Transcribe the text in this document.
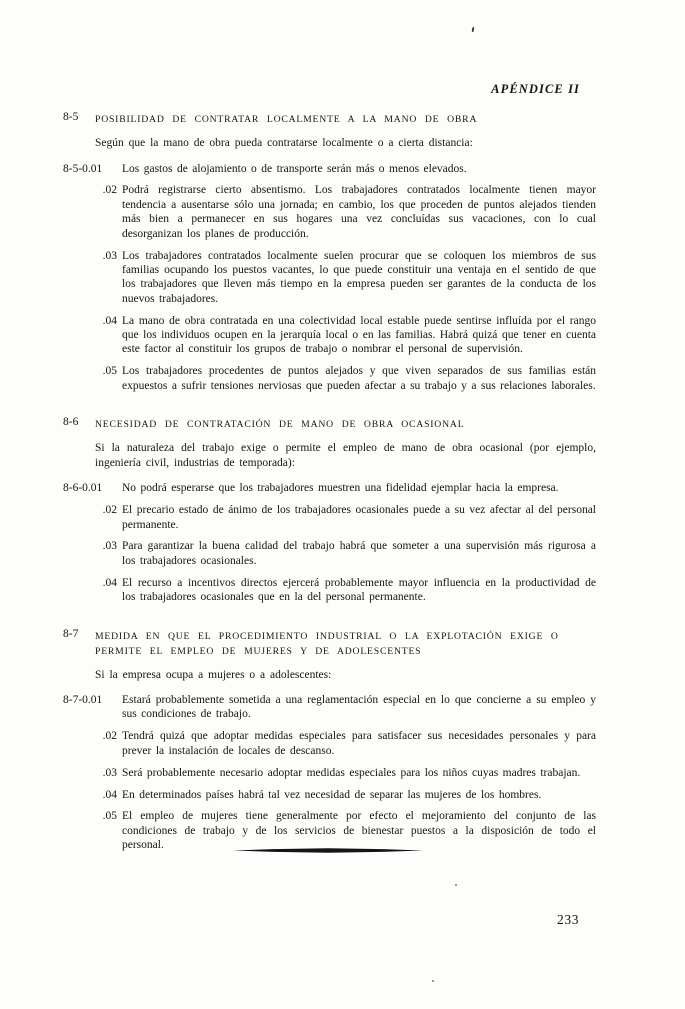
APÉNDICE II
8-5	POSIBILIDAD DE CONTRATAR LOCALMENTE A LA MANO DE OBRA

Según que la mano de obra pueda contratarse localmente o a cierta distancia:

8-5-0.01	Los gastos de alojamiento o de transporte serán más o menos elevados.

.02 Podrá registrarse cierto absentismo. Los trabajadores contratados localmente tienen mayor tendencia a ausentarse sólo una jornada; en cambio, los que proceden de puntos alejados tienden más bien a permanecer en sus hogares una vez concluídas sus vacaciones, con lo cual desorganizan los planes de producción.

.03 Los trabajadores contratados localmente suelen procurar que se coloquen los miembros de sus familias ocupando los puestos vacantes, lo que puede constituir una ventaja en el sentido de que los trabajadores que lleven más tiempo en la empresa pueden ser garantes de la conducta de los nuevos trabajadores.

.04 La mano de obra contratada en una colectividad local estable puede sentirse influída por el rango que los individuos ocupen en la jerarquía local o en las familias. Habrá quizá que tener en cuenta este factor al constituir los grupos de trabajo o nombrar el personal de supervisión.

.05 Los trabajadores procedentes de puntos alejados y que viven separados de sus familias están expuestos a sufrir tensiones nerviosas que pueden afectar a su trabajo y a sus relaciones laborales.

8-6	NECESIDAD DE CONTRATACIÓN DE MANO DE OBRA OCASIONAL

Si la naturaleza del trabajo exige o permite el empleo de mano de obra ocasional (por ejemplo, ingeniería civil, industrias de temporada):

8-6-0.01	No podrá esperarse que los trabajadores muestren una fidelidad ejemplar hacia la empresa.

.02 El precario estado de ánimo de los trabajadores ocasionales puede a su vez afectar al del personal permanente.

.03 Para garantizar la buena calidad del trabajo habrá que someter a una supervisión más rigurosa a los trabajadores ocasionales.

.04 El recurso a incentivos directos ejercerá probablemente mayor influencia en la productividad de los trabajadores ocasionales que en la del personal permanente.

8-7	MEDIDA EN QUE EL PROCEDIMIENTO INDUSTRIAL O LA EXPLOTACIÓN EXIGE O PERMITE EL EMPLEO DE MUJERES Y DE ADOLESCENTES

Si la empresa ocupa a mujeres o a adolescentes:

8-7-0.01	Estará probablemente sometida a una reglamentación especial en lo que concierne a su empleo y sus condiciones de trabajo.

.02 Tendrá quizá que adoptar medidas especiales para satisfacer sus necesidades personales y para prever la instalación de locales de descanso.

.03 Será probablemente necesario adoptar medidas especiales para los niños cuyas madres trabajan.

.04 En determinados países habrá tal vez necesidad de separar las mujeres de los hombres.

.05 El empleo de mujeres tiene generalmente por efecto el mejoramiento del conjunto de las condiciones de trabajo y de los servicios de bienestar puestos a la disposición de todo el personal.

233
